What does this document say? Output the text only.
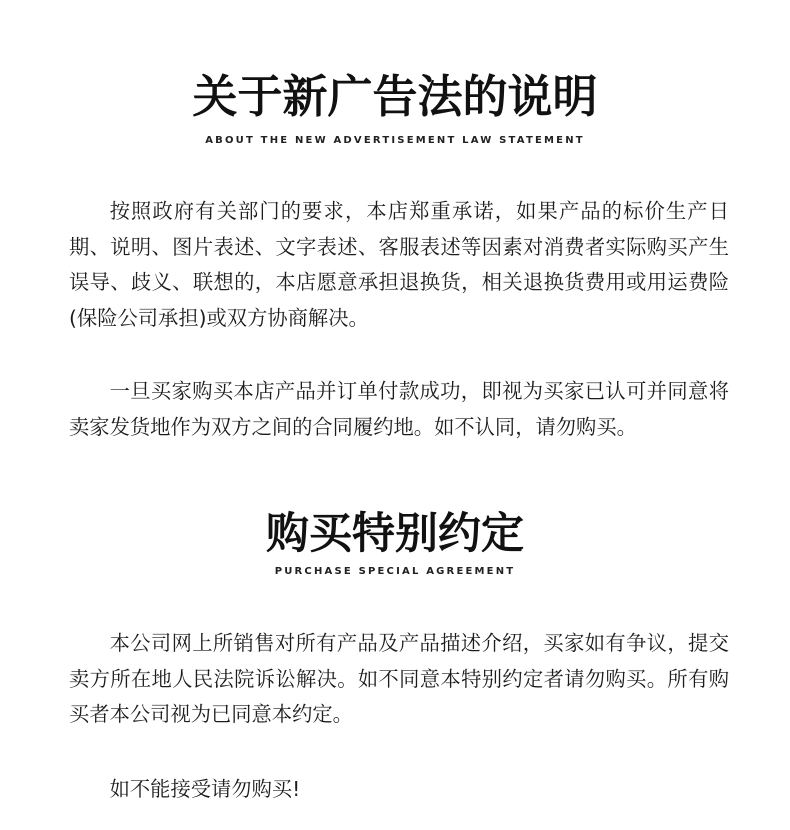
关于新广告法的说明
ABOUT THE NEW ADVERTISEMENT LAW STATEMENT

按照政府有关部门的要求，本店郑重承诺，如果产品的标价生产日期、说明、图片表述、文字表述、客服表述等因素对消费者实际购买产生误导、歧义、联想的，本店愿意承担退换货，相关退换货费用或用运费险(保险公司承担)或双方协商解决。

一旦买家购买本店产品并订单付款成功，即视为买家已认可并同意将卖家发货地作为双方之间的合同履约地。如不认同，请勿购买。

购买特别约定
PURCHASE SPECIAL AGREEMENT

本公司网上所销售对所有产品及产品描述介绍，买家如有争议，提交卖方所在地人民法院诉讼解决。如不同意本特别约定者请勿购买。所有购买者本公司视为已同意本约定。

如不能接受请勿购买!
